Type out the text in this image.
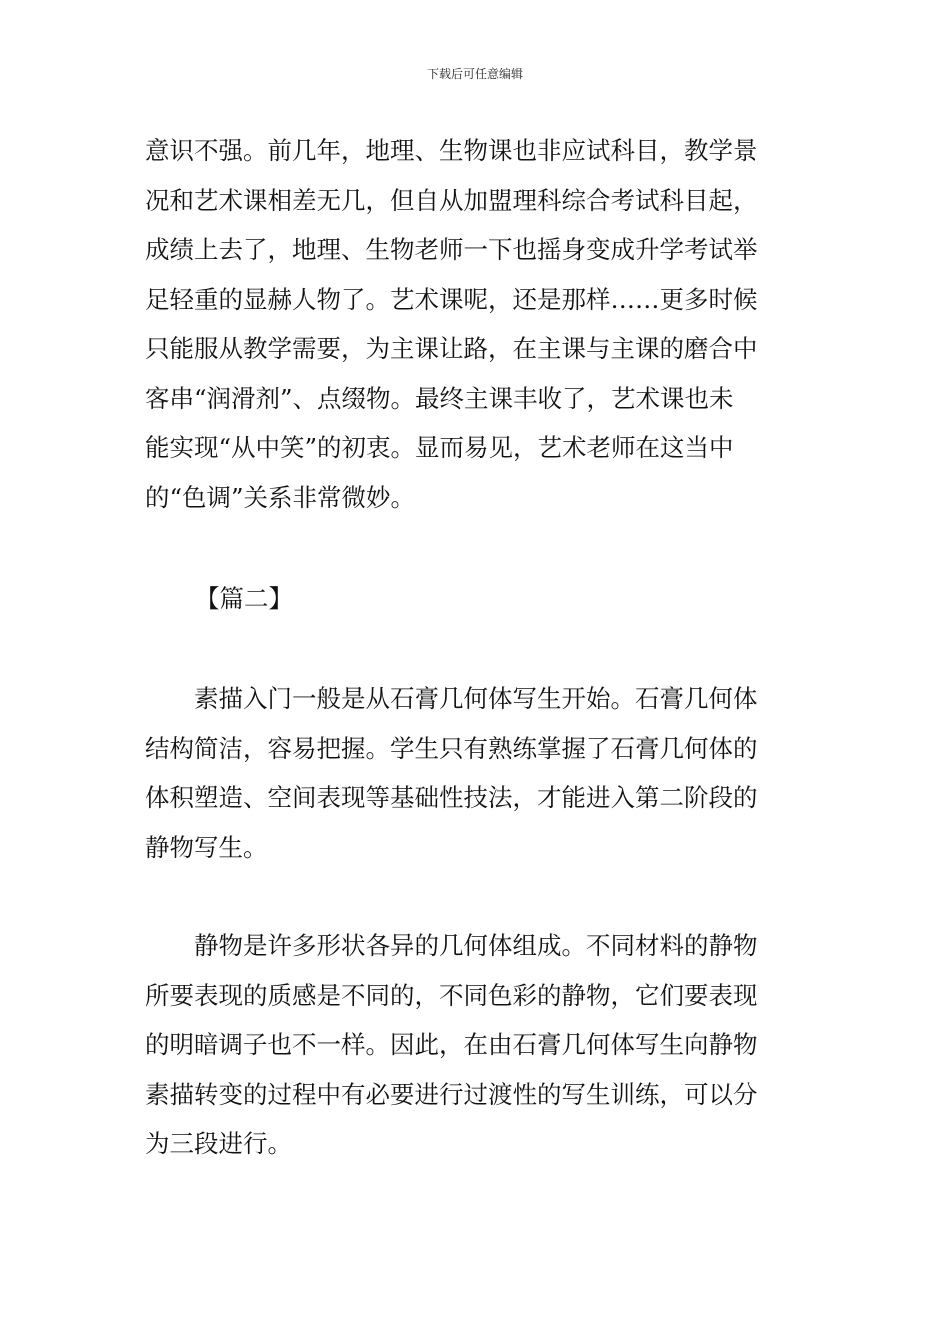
下载后可任意编辑
意识不强。前几年，地理、生物课也非应试科目，教学景
况和艺术课相差无几，但自从加盟理科综合考试科目起，
成绩上去了，地理、生物老师一下也摇身变成升学考试举
足轻重的显赫人物了。艺术课呢，还是那样……更多时候
只能服从教学需要，为主课让路，在主课与主课的磨合中
客串“润滑剂”、点缀物。最终主课丰收了，艺术课也未
能实现“从中笑”的初衷。显而易见，艺术老师在这当中
的“色调”关系非常微妙。
【篇二】
　　素描入门一般是从石膏几何体写生开始。石膏几何体
结构简洁，容易把握。学生只有熟练掌握了石膏几何体的
体积塑造、空间表现等基础性技法，才能进入第二阶段的
静物写生。
　　静物是许多形状各异的几何体组成。不同材料的静物
所要表现的质感是不同的，不同色彩的静物，它们要表现
的明暗调子也不一样。因此，在由石膏几何体写生向静物
素描转变的过程中有必要进行过渡性的写生训练，可以分
为三段进行。
